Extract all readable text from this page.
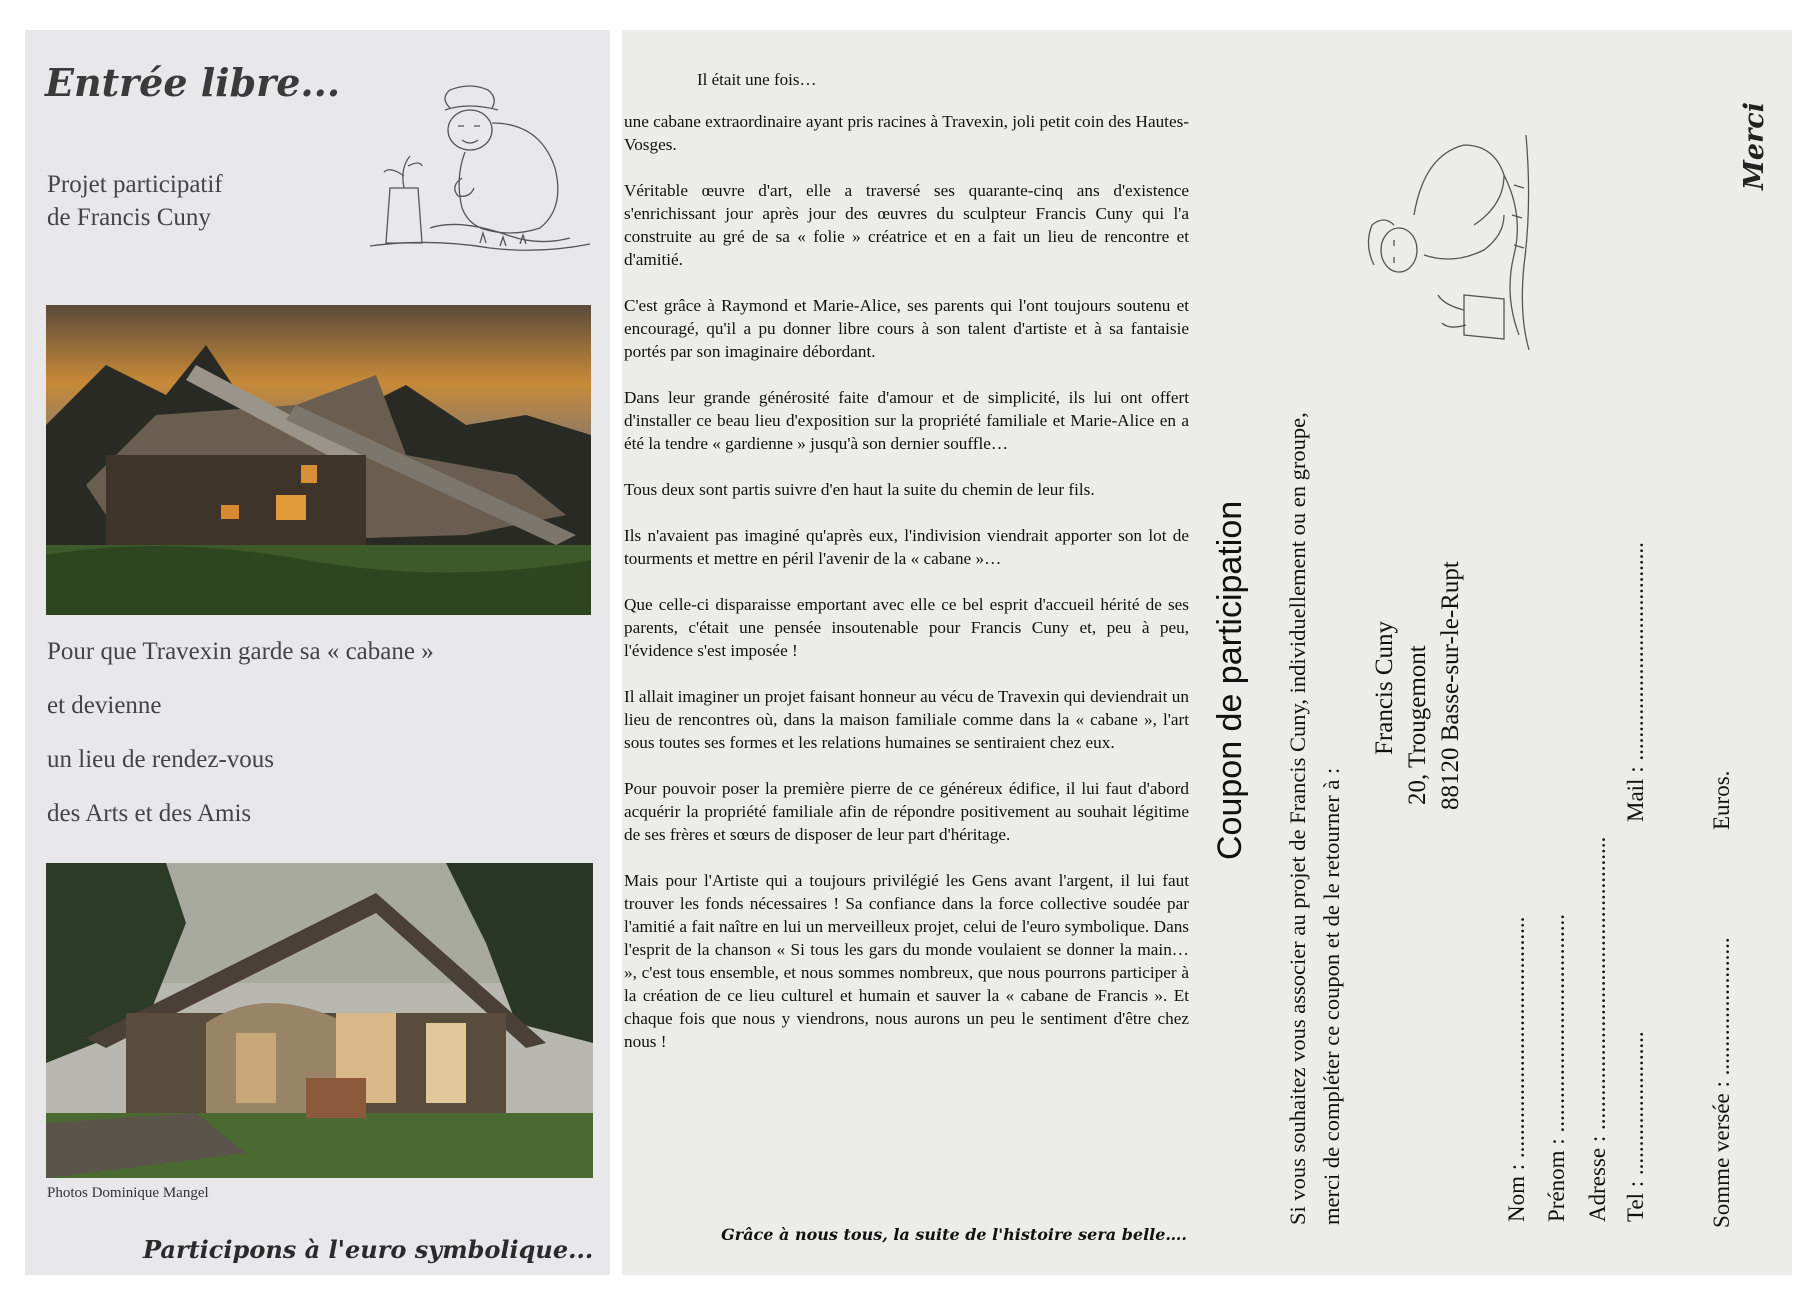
Entrée libre...
Projet participatif
de Francis Cuny
Pour que Travexin garde sa « cabane »
et devienne
un lieu de rendez-vous
des Arts et des Amis
Photos Dominique Mangel
Participons à l'euro symbolique...
Il était une fois…

une cabane extraordinaire ayant pris racines à Travexin, joli petit coin des Hautes-Vosges.

Véritable œuvre d'art, elle a traversé ses quarante-cinq ans d'existence s'enrichissant jour après jour des œuvres du sculpteur Francis Cuny qui l'a construite au gré de sa « folie » créatrice et en a fait un lieu de rencontre et d'amitié.

C'est grâce à Raymond et Marie-Alice, ses parents qui l'ont toujours soutenu et encouragé, qu'il a pu donner libre cours à son talent d'artiste et à sa fantaisie portés par son imaginaire débordant.

Dans leur grande générosité faite d'amour et de simplicité, ils lui ont offert d'installer ce beau lieu d'exposition sur la propriété familiale et Marie-Alice en a été la tendre « gardienne » jusqu'à son dernier souffle…

Tous deux sont partis suivre d'en haut la suite du chemin de leur fils.

Ils n'avaient pas imaginé qu'après eux, l'indivision viendrait apporter son lot de tourments et mettre en péril l'avenir de la « cabane »…

Que celle-ci disparaisse emportant avec elle ce bel esprit d'accueil hérité de ses parents, c'était une pensée insoutenable pour Francis Cuny et, peu à peu, l'évidence s'est imposée !

Il allait imaginer un projet faisant honneur au vécu de Travexin qui deviendrait un lieu de rencontres où, dans la maison familiale comme dans la « cabane », l'art sous toutes ses formes et les relations humaines se sentiraient chez eux.

Pour pouvoir poser la première pierre de ce généreux édifice, il lui faut d'abord acquérir la propriété familiale afin de répondre positivement au souhait légitime de ses frères et sœurs de disposer de leur part d'héritage.

Mais pour l'Artiste qui a toujours privilégié les Gens avant l'argent, il lui faut trouver les fonds nécessaires ! Sa confiance dans la force collective soudée par l'amitié a fait naître en lui un merveilleux projet, celui de l'euro symbolique. Dans l'esprit de la chanson « Si tous les gars du monde voulaient se donner la main… », c'est tous ensemble, et nous sommes nombreux, que nous pourrons participer à la création de ce lieu culturel et humain et sauver la « cabane de Francis ». Et chaque fois que nous y viendrons, nous aurons un peu le sentiment d'être chez nous !

Grâce à nous tous, la suite de l'histoire sera belle….
Coupon de participation Si vous souhaitez vous associer au projet de Francis Cuny, individuellement ou en groupe, merci de compléter ce coupon et de le retourner à :
Francis Cuny 20, Trougemont 88120 Basse-sur-le-Rupt
Nom : .......................................... Prénom : ...................................... Adresse : ................................................... Tel : .........................
Mail : ......................................
Somme versée : ........................
Euros.
Merci
